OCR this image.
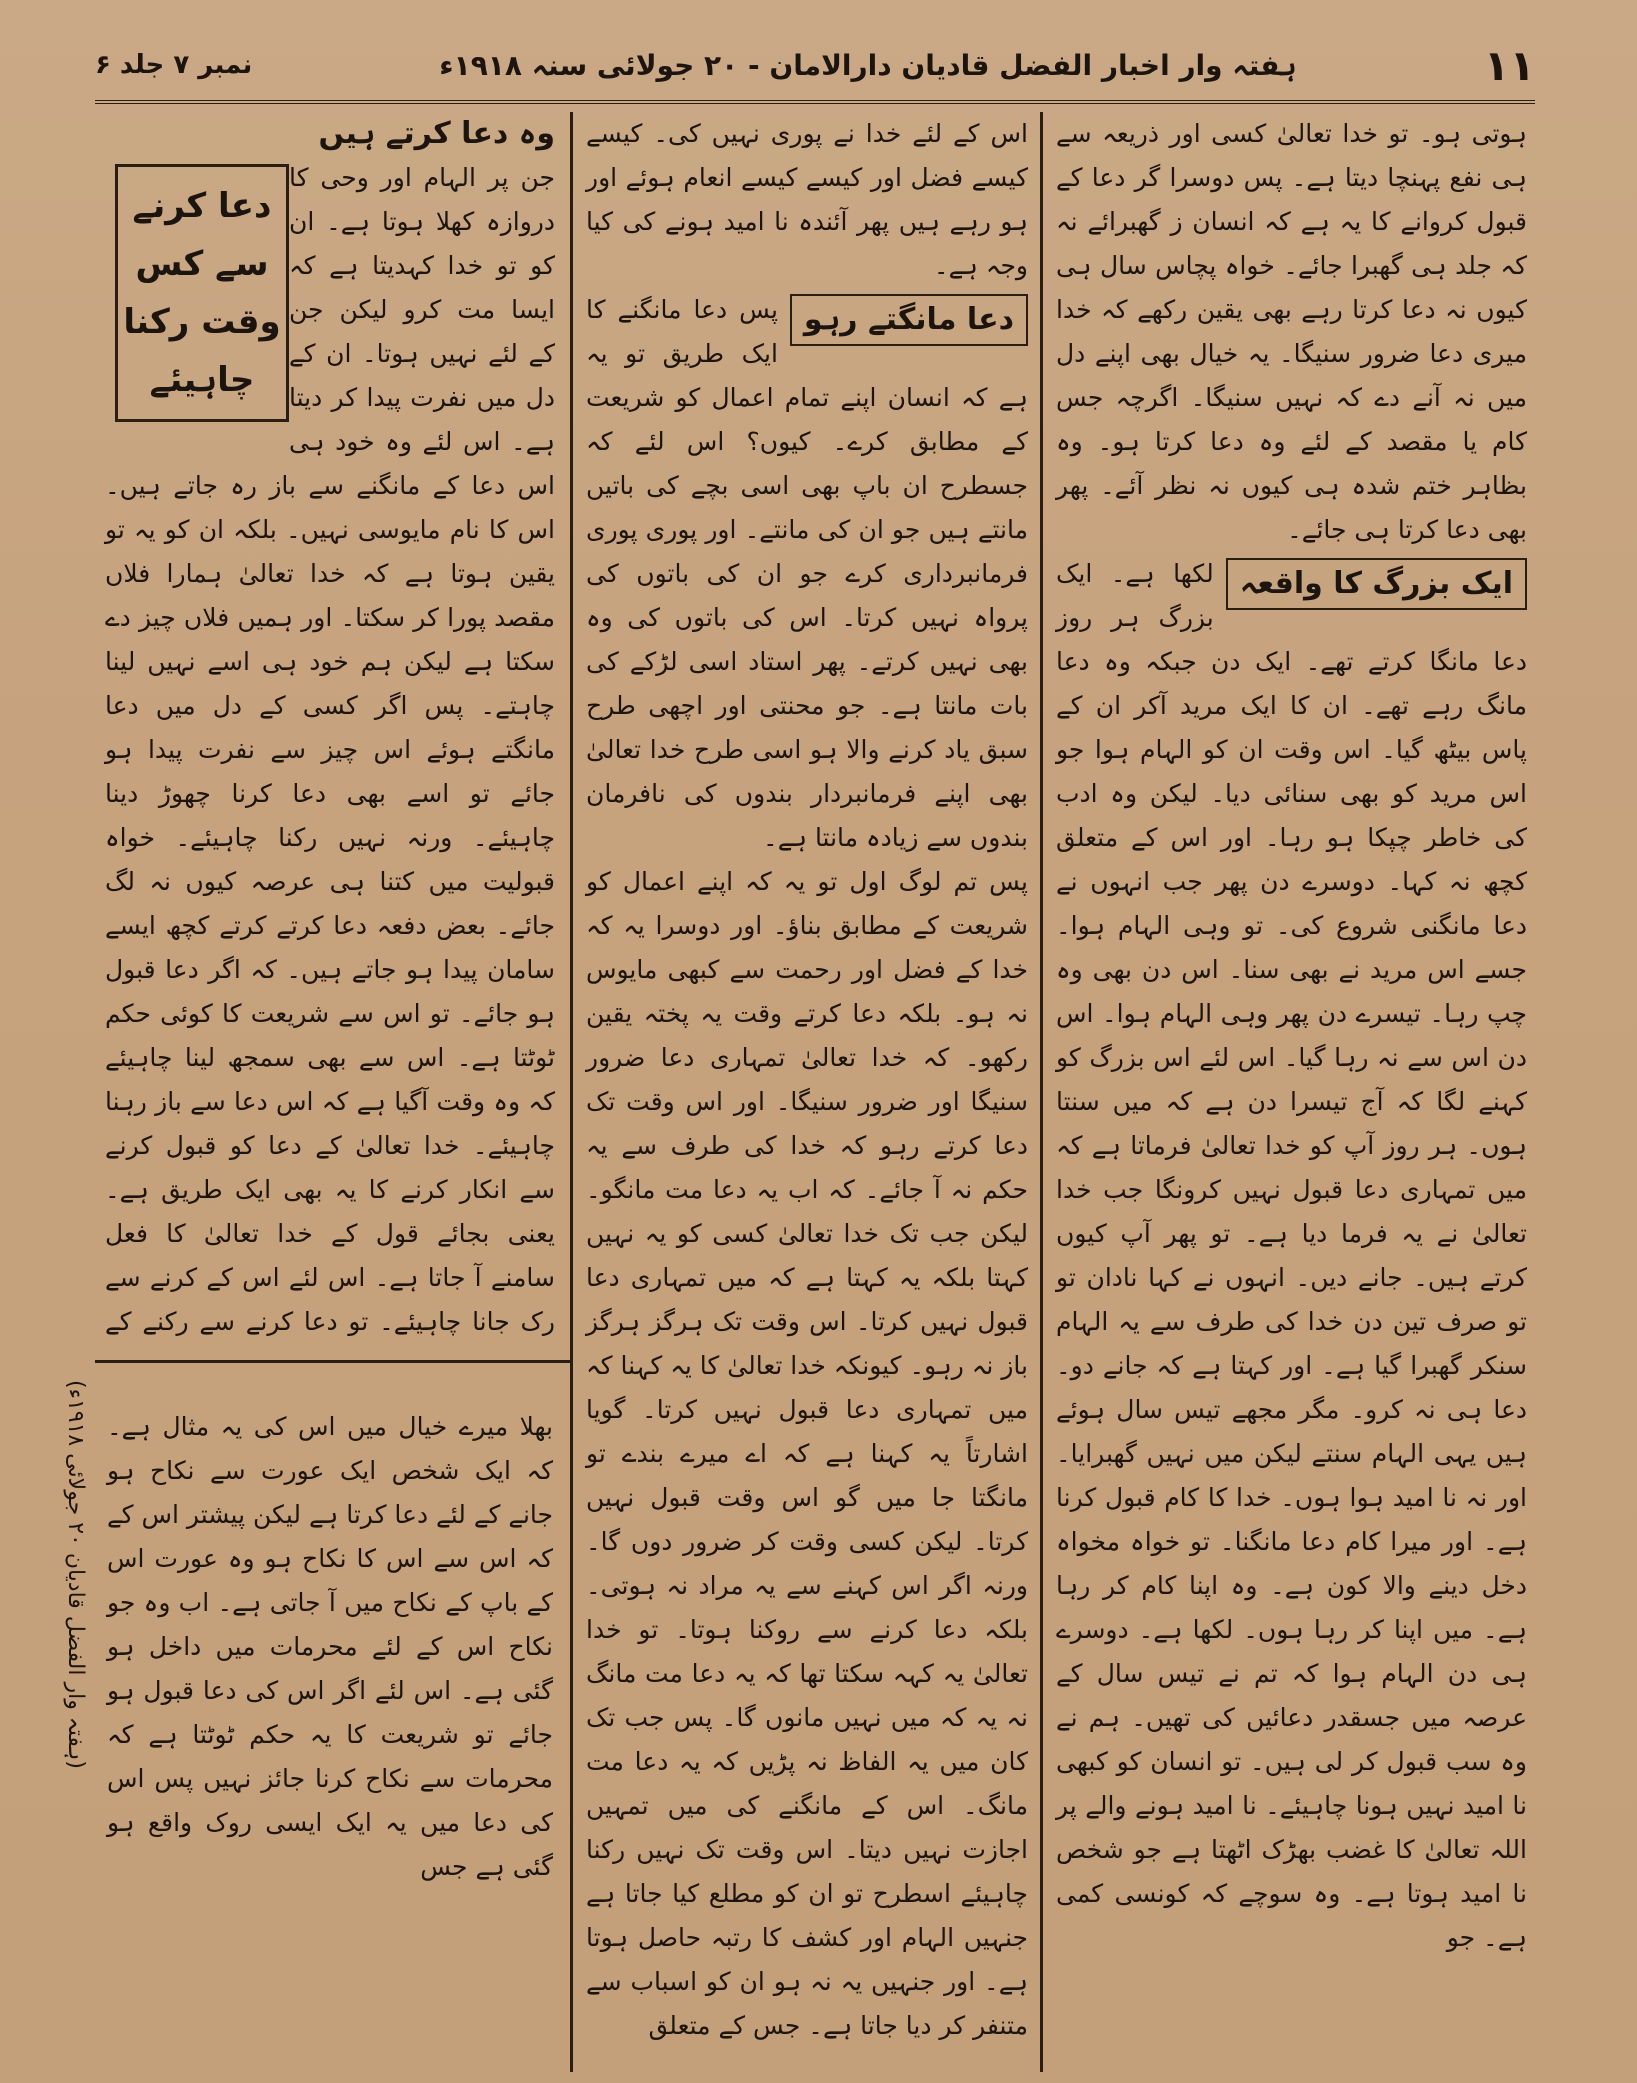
۱۱
ہفتہ وار اخبار الفضل قادیان دارالامان - ۲۰ جولائی سنہ ۱۹۱۸ء
نمبر ۷ جلد ۶

ہوتی ہو۔ تو خدا تعالیٰ کسی اور ذریعہ سے ہی نفع پہنچا دیتا ہے۔ پس دوسرا گر دعا کے قبول کروانے کا یہ ہے کہ انسان ز گھبرائے نہ کہ جلد ہی گھبرا جائے۔ خواہ پچاس سال ہی کیوں نہ دعا کرتا رہے بھی یقین رکھے کہ خدا میری دعا ضرور سنیگا۔ یہ خیال بھی اپنے دل میں نہ آنے دے کہ نہیں سنیگا۔ اگرچہ جس کام یا مقصد کے لئے وہ دعا کرتا ہو۔ وہ بظاہر ختم شدہ ہی کیوں نہ نظر آئے۔ پھر بھی دعا کرتا ہی جائے۔

ایک بزرگ کا واقعہ

لکھا ہے۔ ایک بزرگ ہر روز دعا مانگا کرتے تھے۔ ایک دن جبکہ وہ دعا مانگ رہے تھے۔ ان کا ایک مرید آکر ان کے پاس بیٹھ گیا۔ اس وقت ان کو الہام ہوا جو اس مرید کو بھی سنائی دیا۔ لیکن وہ ادب کی خاطر چپکا ہو رہا۔ اور اس کے متعلق کچھ نہ کہا۔ دوسرے دن پھر جب انہوں نے دعا مانگنی شروع کی۔ تو وہی الہام ہوا۔ جسے اس مرید نے بھی سنا۔ اس دن بھی وہ چپ رہا۔ تیسرے دن پھر وہی الہام ہوا۔ اس دن اس سے نہ رہا گیا۔ اس لئے اس بزرگ کو کہنے لگا کہ آج تیسرا دن ہے کہ میں سنتا ہوں۔ ہر روز آپ کو خدا تعالیٰ فرماتا ہے کہ میں تمہاری دعا قبول نہیں کرونگا جب خدا تعالیٰ نے یہ فرما دیا ہے۔ تو پھر آپ کیوں کرتے ہیں۔ جانے دیں۔ انہوں نے کہا نادان تو تو صرف تین دن خدا کی طرف سے یہ الہام سنکر گھبرا گیا ہے۔ اور کہتا ہے کہ جانے دو۔ دعا ہی نہ کرو۔ مگر مجھے تیس سال ہوئے ہیں یہی الہام سنتے لیکن میں نہیں گھبرایا۔ اور نہ نا امید ہوا ہوں۔ خدا کا کام قبول کرنا ہے۔ اور میرا کام دعا مانگنا۔ تو خواہ مخواہ دخل دینے والا کون ہے۔ وہ اپنا کام کر رہا ہے۔ میں اپنا کر رہا ہوں۔ لکھا ہے۔ دوسرے ہی دن الہام ہوا کہ تم نے تیس سال کے عرصہ میں جسقدر دعائیں کی تھیں۔ ہم نے وہ سب قبول کر لی ہیں۔ تو انسان کو کبھی نا امید نہیں ہونا چاہیئے۔ نا امید ہونے والے پر اللہ تعالیٰ کا غضب بھڑک اٹھتا ہے جو شخص نا امید ہوتا ہے۔ وہ سوچے کہ کونسی کمی ہے۔ جو

اس کے لئے خدا نے پوری نہیں کی۔ کیسے کیسے فضل اور کیسے کیسے انعام ہوئے اور ہو رہے ہیں پھر آئندہ نا امید ہونے کی کیا وجہ ہے۔

دعا مانگتے رہو

پس دعا مانگنے کا ایک طریق تو یہ ہے کہ انسان اپنے تمام اعمال کو شریعت کے مطابق کرے۔ کیوں؟ اس لئے کہ جسطرح ان باپ بھی اسی بچے کی باتیں مانتے ہیں جو ان کی مانتے۔ اور پوری پوری فرمانبرداری کرے جو ان کی باتوں کی پرواہ نہیں کرتا۔ اس کی باتوں کی وہ بھی نہیں کرتے۔ پھر استاد اسی لڑکے کی بات مانتا ہے۔ جو محنتی اور اچھی طرح سبق یاد کرنے والا ہو اسی طرح خدا تعالیٰ بھی اپنے فرمانبردار بندوں کی نافرمان بندوں سے زیادہ مانتا ہے۔

پس تم لوگ اول تو یہ کہ اپنے اعمال کو شریعت کے مطابق بناؤ۔ اور دوسرا یہ کہ خدا کے فضل اور رحمت سے کبھی مایوس نہ ہو۔ بلکہ دعا کرتے وقت یہ پختہ یقین رکھو۔ کہ خدا تعالیٰ تمہاری دعا ضرور سنیگا اور ضرور سنیگا۔ اور اس وقت تک دعا کرتے رہو کہ خدا کی طرف سے یہ حکم نہ آ جائے۔ کہ اب یہ دعا مت مانگو۔ لیکن جب تک خدا تعالیٰ کسی کو یہ نہیں کہتا بلکہ یہ کہتا ہے کہ میں تمہاری دعا قبول نہیں کرتا۔ اس وقت تک ہرگز ہرگز باز نہ رہو۔ کیونکہ خدا تعالیٰ کا یہ کہنا کہ میں تمہاری دعا قبول نہیں کرتا۔ گویا اشارتاً یہ کہنا ہے کہ اے میرے بندے تو مانگتا جا میں گو اس وقت قبول نہیں کرتا۔ لیکن کسی وقت کر ضرور دوں گا۔ ورنہ اگر اس کہنے سے یہ مراد نہ ہوتی۔ بلکہ دعا کرنے سے روکنا ہوتا۔ تو خدا تعالیٰ یہ کہہ سکتا تھا کہ یہ دعا مت مانگ نہ یہ کہ میں نہیں مانوں گا۔ پس جب تک کان میں یہ الفاظ نہ پڑیں کہ یہ دعا مت مانگ۔ اس کے مانگنے کی میں تمہیں اجازت نہیں دیتا۔ اس وقت تک نہیں رکنا چاہیئے اسطرح تو ان کو مطلع کیا جاتا ہے جنہیں الہام اور کشف کا رتبہ حاصل ہوتا ہے۔ اور جنہیں یہ نہ ہو ان کو اسباب سے متنفر کر دیا جاتا ہے۔ جس کے متعلق

وہ دعا کرتے ہیں
دعا کرنے سے کس وقت رکنا چاہیئے

جن پر الہام اور وحی کا دروازہ کھلا ہوتا ہے۔ ان کو تو خدا کہدیتا ہے کہ ایسا مت کرو لیکن جن کے لئے نہیں ہوتا۔ ان کے دل میں نفرت پیدا کر دیتا ہے۔ اس لئے وہ خود ہی اس دعا کے مانگنے سے باز رہ جاتے ہیں۔ اس کا نام مایوسی نہیں۔ بلکہ ان کو یہ تو یقین ہوتا ہے کہ خدا تعالیٰ ہمارا فلاں مقصد پورا کر سکتا۔ اور ہمیں فلاں چیز دے سکتا ہے لیکن ہم خود ہی اسے نہیں لینا چاہتے۔ پس اگر کسی کے دل میں دعا مانگتے ہوئے اس چیز سے نفرت پیدا ہو جائے تو اسے بھی دعا کرنا چھوڑ دینا چاہیئے۔ ورنہ نہیں رکنا چاہیئے۔ خواہ قبولیت میں کتنا ہی عرصہ کیوں نہ لگ جائے۔ بعض دفعہ دعا کرتے کرتے کچھ ایسے سامان پیدا ہو جاتے ہیں۔ کہ اگر دعا قبول ہو جائے۔ تو اس سے شریعت کا کوئی حکم ٹوٹتا ہے۔ اس سے بھی سمجھ لینا چاہیئے کہ وہ وقت آگیا ہے کہ اس دعا سے باز رہنا چاہیئے۔ خدا تعالیٰ کے دعا کو قبول کرنے سے انکار کرنے کا یہ بھی ایک طریق ہے۔ یعنی بجائے قول کے خدا تعالیٰ کا فعل سامنے آ جاتا ہے۔ اس لئے اس کے کرنے سے رک جانا چاہیئے۔ تو دعا کرنے سے رکنے کے

بھلا میرے خیال میں اس کی یہ مثال ہے۔ کہ ایک شخص ایک عورت سے نکاح ہو جانے کے لئے دعا کرتا ہے لیکن پیشتر اس کے کہ اس سے اس کا نکاح ہو وہ عورت اس کے باپ کے نکاح میں آ جاتی ہے۔ اب وہ جو نکاح اس کے لئے محرمات میں داخل ہو گئی ہے۔ اس لئے اگر اس کی دعا قبول ہو جائے تو شریعت کا یہ حکم ٹوٹتا ہے کہ محرمات سے نکاح کرنا جائز نہیں پس اس کی دعا میں یہ ایک ایسی روک واقع ہو گئی ہے جس

(ہفتہ وار الفضل قادیان ۲۰ جولائی ۱۹۱۸ء)
